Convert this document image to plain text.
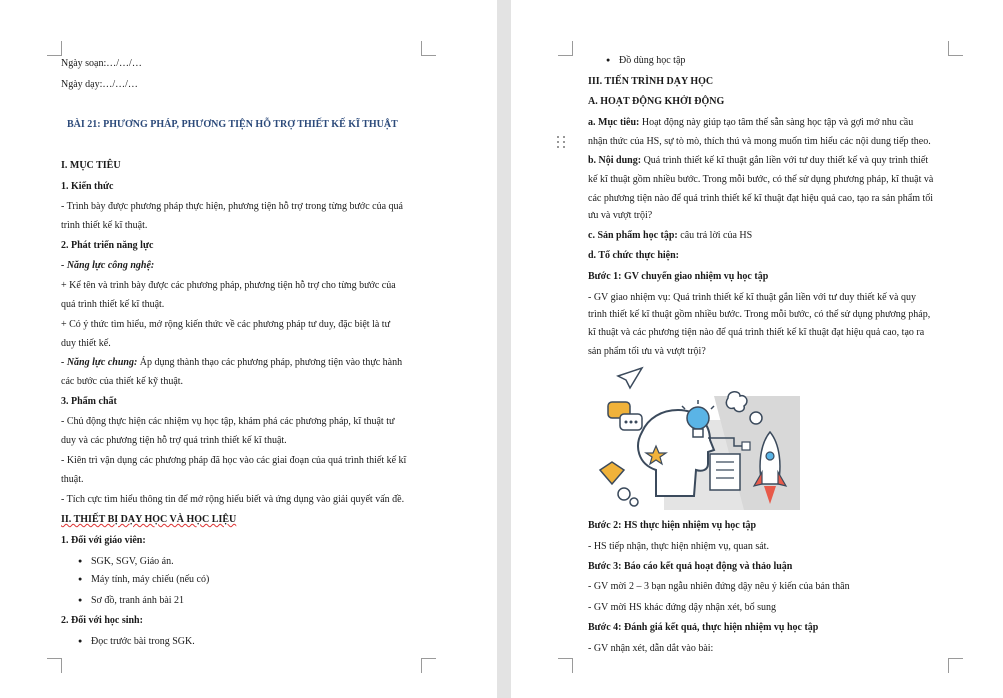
Ngày soạn:…/…/…
Ngày dạy:…/…/…
BÀI 21: PHƯƠNG PHÁP, PHƯƠNG TIỆN HỖ TRỢ THIẾT KẾ KĨ THUẬT
I. MỤC TIÊU
1. Kiến thức
- Trình bày được phương pháp thực hiện, phương tiện hỗ trợ trong từng bước của quá
trình thiết kế kĩ thuật.
2. Phát triển năng lực
- Năng lực công nghệ:
+ Kể tên và trình bày được các phương pháp, phương tiện hỗ trợ cho từng bước của
quá trình thiết kế kĩ thuật.
+ Có ý thức tìm hiểu, mở rộng kiến thức về các phương pháp tư duy, đặc biệt là tư
duy thiết kế.
- Năng lực chung: Áp dụng thành thạo các phương pháp, phương tiện vào thực hành
các bước của thiết kế kỹ thuật.
3. Phẩm chất
- Chủ động thực hiện các nhiệm vụ học tập, khám phá các phương pháp, kĩ thuật tư
duy và các phương tiện hỗ trợ quá trình thiết kế kĩ thuật.
- Kiên trì vận dụng các phương pháp đã học vào các giai đoạn của quá trình thiết kế kĩ
thuật.
- Tích cực tìm hiểu thông tin để mở rộng hiểu biết và ứng dụng vào giải quyết vấn đề.
II. THIẾT BỊ DẠY HỌC VÀ HỌC LIỆU
1. Đối với giáo viên:
● SGK, SGV, Giáo án.
● Máy tính, máy chiếu (nếu có)
● Sơ đồ, tranh ảnh bài 21
2. Đối với học sinh:
● Đọc trước bài trong SGK.
● Đồ dùng học tập
III. TIẾN TRÌNH DẠY HỌC
A. HOẠT ĐỘNG KHỞI ĐỘNG
a. Mục tiêu: Hoạt động này giúp tạo tâm thế sẵn sàng học tập và gợi mở nhu cầu
nhận thức của HS, sự tò mò, thích thú và mong muốn tìm hiểu các nội dung tiếp theo.
b. Nội dung: Quá trình thiết kế kĩ thuật gắn liền với tư duy thiết kế và quy trình thiết
kế kĩ thuật gồm nhiều bước. Trong mỗi bước, có thể sử dụng phương pháp, kĩ thuật và
các phương tiện nào để quá trình thiết kế kĩ thuật đạt hiệu quả cao, tạo ra sản phẩm tối
ưu và vượt trội?
c. Sản phẩm học tập: câu trả lời của HS
d. Tổ chức thực hiện:
Bước 1: GV chuyển giao nhiệm vụ học tập
- GV giao nhiệm vụ: Quá trình thiết kế kĩ thuật gắn liền với tư duy thiết kế và quy
trình thiết kế kĩ thuật gồm nhiều bước. Trong mỗi bước, có thể sử dụng phương pháp,
kĩ thuật và các phương tiện nào để quá trình thiết kế kĩ thuật đạt hiệu quả cao, tạo ra
sản phẩm tối ưu và vượt trội?
Bước 2: HS thực hiện nhiệm vụ học tập
- HS tiếp nhận, thực hiện nhiệm vụ, quan sát.
Bước 3: Báo cáo kết quả hoạt động và thảo luận
- GV mời 2 – 3 bạn ngẫu nhiên đứng dậy nêu ý kiến của bản thân
- GV mời HS khác đứng dậy nhận xét, bổ sung
Bước 4: Đánh giá kết quả, thực hiện nhiệm vụ học tập
- GV nhận xét, dẫn dắt vào bài:
